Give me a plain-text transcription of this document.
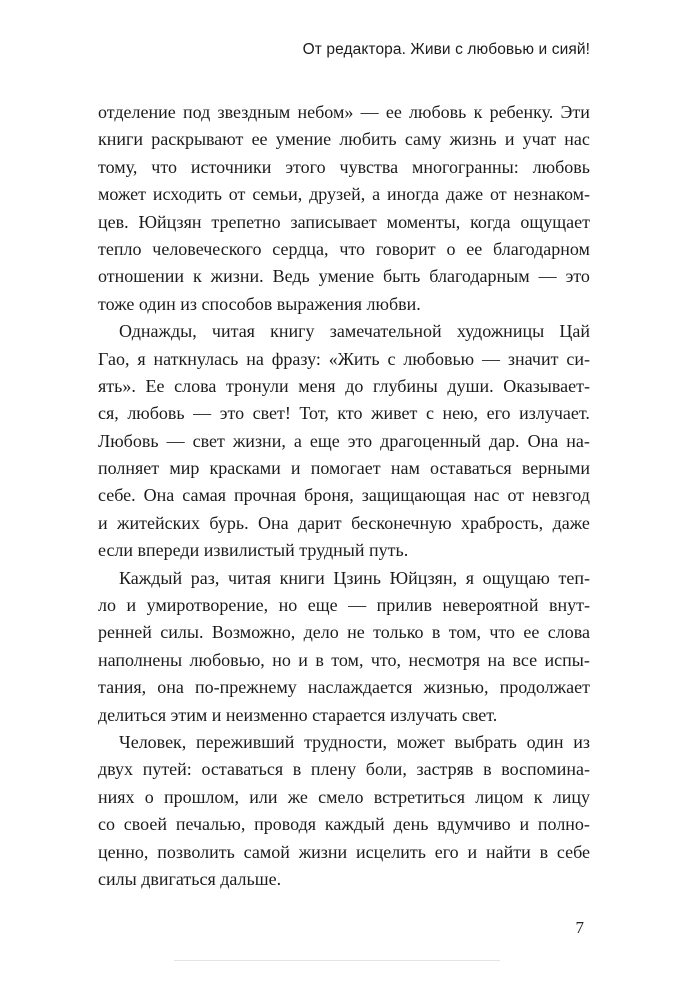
От редактора. Живи с любовью и сияй!
отделение под звездным небом» — ее любовь к ребенку. Эти
книги раскрывают ее умение любить саму жизнь и учат нас
тому, что источники этого чувства многогранны: любовь
может исходить от семьи, друзей, а иногда даже от незнаком-
цев. Юйцзян трепетно записывает моменты, когда ощущает
тепло человеческого сердца, что говорит о ее благодарном
отношении к жизни. Ведь умение быть благодарным — это
тоже один из способов выражения любви.
Однажды, читая книгу замечательной художницы Цай
Гао, я наткнулась на фразу: «Жить с любовью — значит си-
ять». Ее слова тронули меня до глубины души. Оказывает-
ся, любовь — это свет! Тот, кто живет с нею, его излучает.
Любовь — свет жизни, а еще это драгоценный дар. Она на-
полняет мир красками и помогает нам оставаться верными
себе. Она самая прочная броня, защищающая нас от невзгод
и житейских бурь. Она дарит бесконечную храбрость, даже
если впереди извилистый трудный путь.
Каждый раз, читая книги Цзинь Юйцзян, я ощущаю теп-
ло и умиротворение, но еще — прилив невероятной внут-
ренней силы. Возможно, дело не только в том, что ее слова
наполнены любовью, но и в том, что, несмотря на все испы-
тания, она по-прежнему наслаждается жизнью, продолжает
делиться этим и неизменно старается излучать свет.
Человек, переживший трудности, может выбрать один из
двух путей: оставаться в плену боли, застряв в воспомина-
ниях о прошлом, или же смело встретиться лицом к лицу
со своей печалью, проводя каждый день вдумчиво и полно-
ценно, позволить самой жизни исцелить его и найти в себе
силы двигаться дальше.
7
